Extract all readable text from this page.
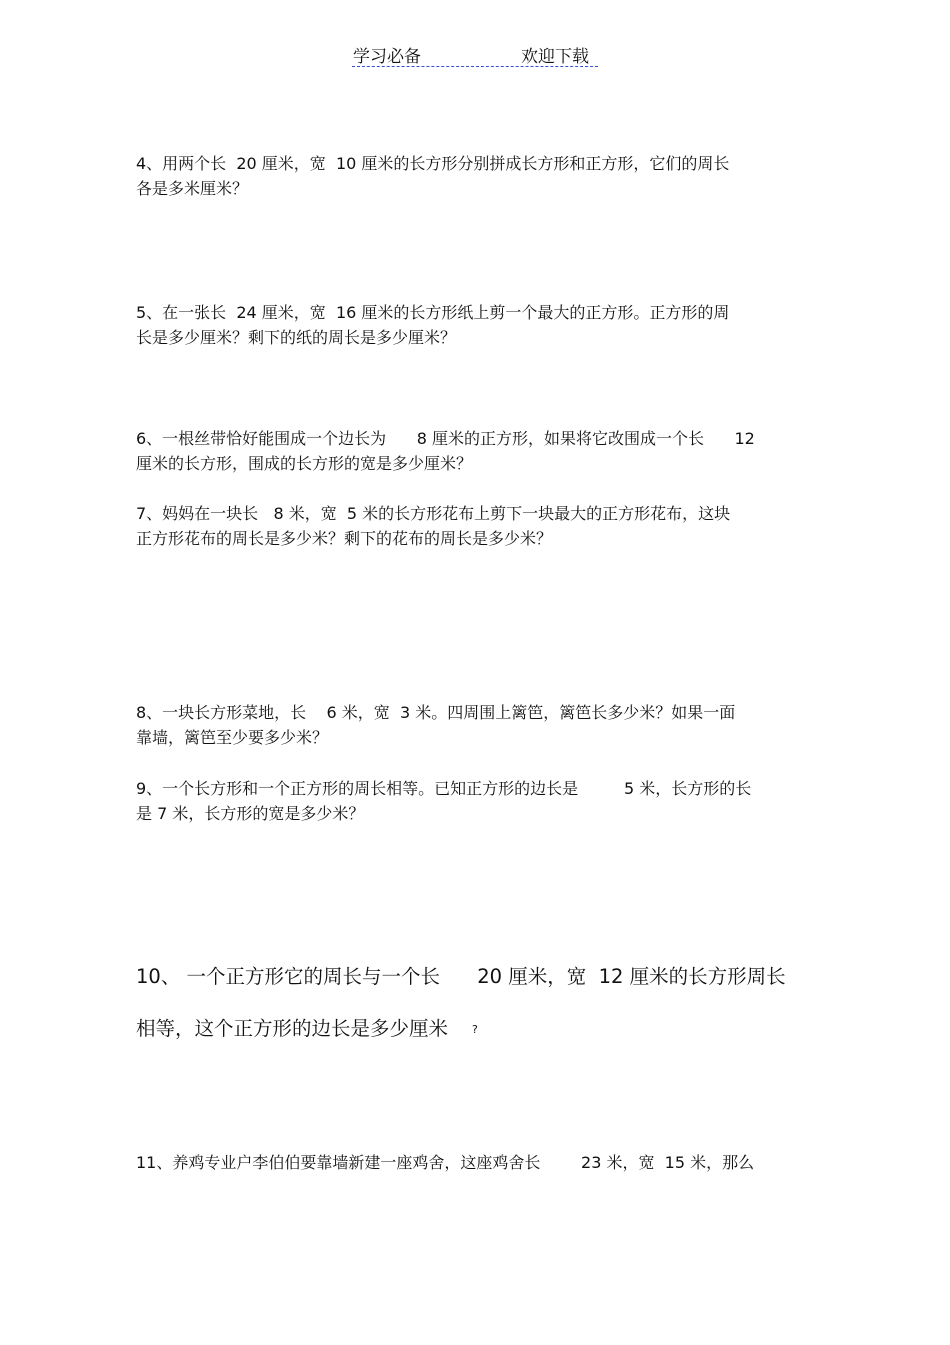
学习必备	欢迎下载
4、用两个长  20 厘米，宽  10 厘米的长方形分别拼成长方形和正方形，它们的周长
各是多米厘米？
5、在一张长  24 厘米，宽  16 厘米的长方形纸上剪一个最大的正方形。正方形的周
长是多少厘米？剩下的纸的周长是多少厘米？
6、一根丝带恰好能围成一个边长为      8 厘米的正方形，如果将它改围成一个长      12
厘米的长方形，围成的长方形的宽是多少厘米？
7、妈妈在一块长   8 米，宽  5 米的长方形花布上剪下一块最大的正方形花布，这块
正方形花布的周长是多少米？剩下的花布的周长是多少米？
8、一块长方形菜地，长    6 米，宽  3 米。四周围上篱笆，篱笆长多少米？如果一面
靠墙，篱笆至少要多少米？
9、一个长方形和一个正方形的周长相等。已知正方形的边长是         5 米，长方形的长
是 7 米，长方形的宽是多少米？
10、 一个正方形它的周长与一个长      20 厘米，宽  12 厘米的长方形周长
相等，这个正方形的边长是多少厘米 ?
11、养鸡专业户李伯伯要靠墙新建一座鸡舍，这座鸡舍长        23 米，宽  15 米，那么
